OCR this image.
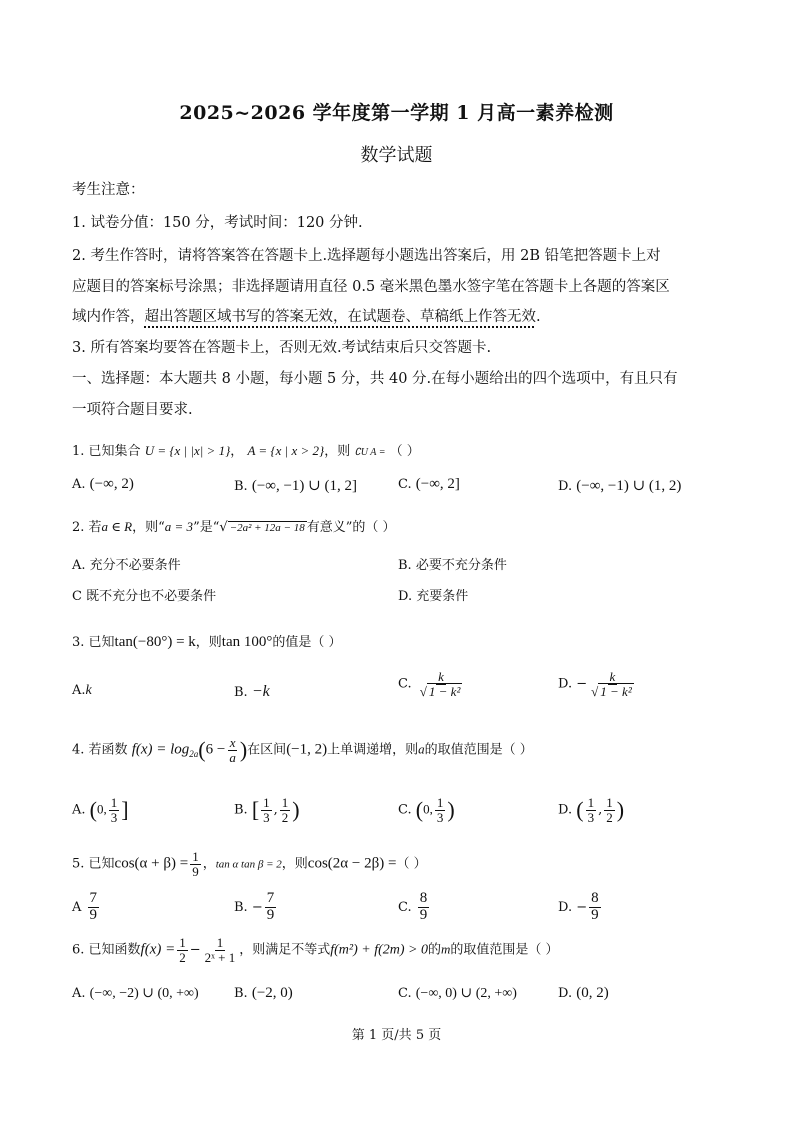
2025~2026 学年度第一学期 1 月高一素养检测
数学试题
考生注意：
1. 试卷分值：150 分，考试时间：120 分钟.
2. 考生作答时，请将答案答在答题卡上.选择题每小题选出答案后，用 2B 铅笔把答题卡上对
应题目的答案标号涂黑；非选择题请用直径 0.5 毫米黑色墨水签字笔在答题卡上各题的答案区
域内作答，超出答题区域书写的答案无效，在试题卷、草稿纸上作答无效.
3. 所有答案均要答在答题卡上，否则无效.考试结束后只交答题卡.
一、选择题：本大题共 8 小题，每小题 5 分，共 40 分.在每小题给出的四个选项中，有且只有
一项符合题目要求.
1. 已知集合 U = {x | |x| > 1}， A = {x | x > 2}，则 ∁U A = （ ）
A. (−∞, 2)	B. (−∞, −1) ∪ (1, 2]	C. (−∞, 2]	D. (−∞, −1) ∪ (1, 2)
2. 若a ∈ R，则“a = 3”是“√ −2a² + 12a − 18 有意义”的（ ）
A. 充分不必要条件	B. 必要不充分条件
C 既不充分也不必要条件	D. 充要条件
3. 已知tan(−80°) = k，则tan 100°的值是（ ）
A.k	B. −k	C. $\frac{k}{\text{√ 1 − k²}}$	D. − $\frac{k}{\text{√ 1 − k²}}$
4. 若函数 $f(x) = \log_{2a}(6 - \frac{x}{a}$ )在区间(−1, 2)上单调递增，则a的取值范围是（ ）
A. (0, $\frac{1}{3}$ ]	B. [ $\frac{1}{3}$ , $\frac{1}{2}$ )	C. (0, $\frac{1}{3}$ )	D. ( $\frac{1}{3}$ , $\frac{1}{2}$ )
5. 已知$\cos(\alpha + \beta) = \frac{1}{9}$ ，tan α tan β = 2，则cos(2α − 2β) =（ ）
A $\frac{7}{9}$	B. − $\frac{7}{9}$	C. $\frac{8}{9}$	D. − $\frac{8}{9}$
6. 已知函数$f(x) = \frac{1}{2} - \frac{1}{\text{2ˣ + 1}}$ ，则满足不等式f(m²) + f(2m) > 0的m的取值范围是（ ）
A. (−∞, −2) ∪ (0, +∞)	B. (−2, 0)	C. (−∞, 0) ∪ (2, +∞)	D. (0, 2)
第 1 页/共 5 页
